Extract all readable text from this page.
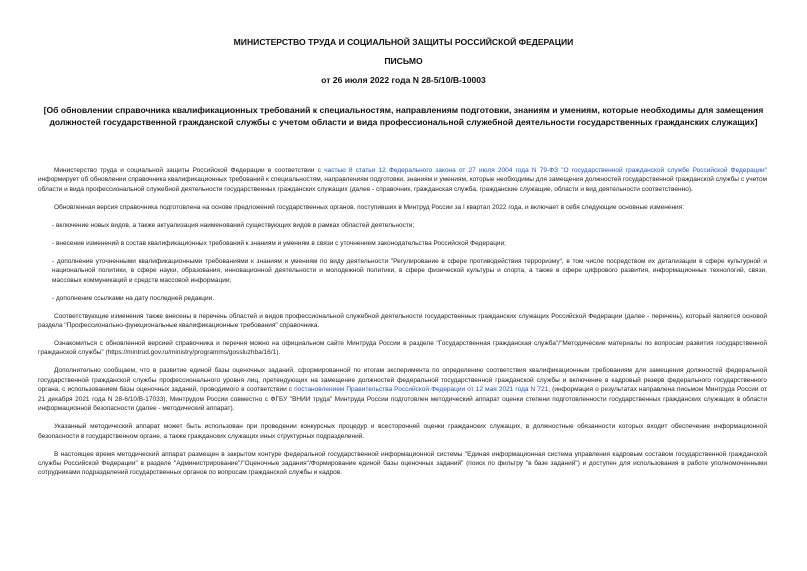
МИНИСТЕРСТВО ТРУДА И СОЦИАЛЬНОЙ ЗАЩИТЫ РОССИЙСКОЙ ФЕДЕРАЦИИ
ПИСЬМО
от 26 июля 2022 года N 28-5/10/В-10003
[Об обновлении справочника квалификационных требований к специальностям, направлениям подготовки, знаниям и умениям, которые необходимы для замещения должностей государственной гражданской службы с учетом области и вида профессиональной служебной деятельности государственных гражданских служащих]

Министерство труда и социальной защиты Российской Федерации в соответствии с частью 8 статьи 12 Федерального закона от 27 июля 2004 года N 79-ФЗ "О государственной гражданской службе Российской Федерации" информирует об обновлении справочника квалификационных требований к специальностям, направлениям подготовки, знаниям и умениям, которые необходимы для замещения должностей государственной гражданской службы с учетом области и вида профессиональной служебной деятельности государственных гражданских служащих (далее - справочник, гражданская служба, гражданские служащие, области и вид деятельности соответственно).

Обновленная версия справочника подготовлена на основе предложений государственных органов, поступивших в Минтруд России за I квартал 2022 года, и включает в себя следующие основные изменения:

- включение новых видов, а также актуализация наименований существующих видов в рамках областей деятельности;

- внесение изменений в состав квалификационных требований к знаниям и умениям в связи с уточнением законодательства Российской Федерации;

- дополнение уточненными квалификационными требованиями к знаниям и умениям по виду деятельности "Регулирование в сфере противодействия терроризму", в том числе посредством их детализации в сфере культурной и национальной политики, в сфере науки, образования, инновационной деятельности и молодежной политики, в сфере физической культуры и спорта, а также в сфере цифрового развития, информационных технологий, связи, массовых коммуникаций и средств массовой информации;

- дополнение ссылками на дату последней редакции.

Соответствующие изменения также внесены в перечень областей и видов профессиональной служебной деятельности государственных гражданских служащих Российской Федерации (далее - перечень), который является основой раздела "Профессионально-функциональные квалификационные требования" справочника.

Ознакомиться с обновленной версией справочника и перечня можно на официальном сайте Минтруда России в разделе "Государственная гражданская служба"/"Методические материалы по вопросам развития государственной гражданской службы" (https://mintrud.gov.ru/ministry/programms/gossluzhba/16/1).

Дополнительно сообщаем, что в развитие единой базы оценочных заданий, сформированной по итогам эксперимента по определению соответствия квалификационным требованиям для замещения должностей федеральной государственной гражданской службы профессионального уровня лиц, претендующих на замещение должностей федеральной государственной гражданской службы и включение в кадровый резерв федерального государственного органа, с использованием базы оценочных заданий, проводимого в соответствии с постановлением Правительства Российской Федерации от 12 мая 2021 года N 721, (информация о результатах направлена письмом Минтруда России от 21 декабря 2021 года N 28-6/10/В-17033), Минтрудом России совместно с ФГБУ "ВНИИ труда" Минтруда России подготовлен методический аппарат оценки степени подготовленности государственных гражданских служащих в области информационной безопасности (далее - методический аппарат).

Указанный методический аппарат может быть использован при проведении конкурсных процедур и всесторонней оценки гражданских служащих, в должностные обязанности которых входит обеспечение информационной безопасности в государственном органе, а также гражданских служащих иных структурных подразделений.

В настоящее время методический аппарат размещен в закрытом контуре федеральной государственной информационной системы "Единая информационная система управления кадровым составом государственной гражданской службы Российской Федерации" в разделе "Администрирование"/"Оценочные задания"/Формирование единой базы оценочных заданий" (поиск по фильтру "в базе заданий") и доступен для использования в работе уполномоченными сотрудниками подразделений государственных органов по вопросам гражданской службы и кадров.
